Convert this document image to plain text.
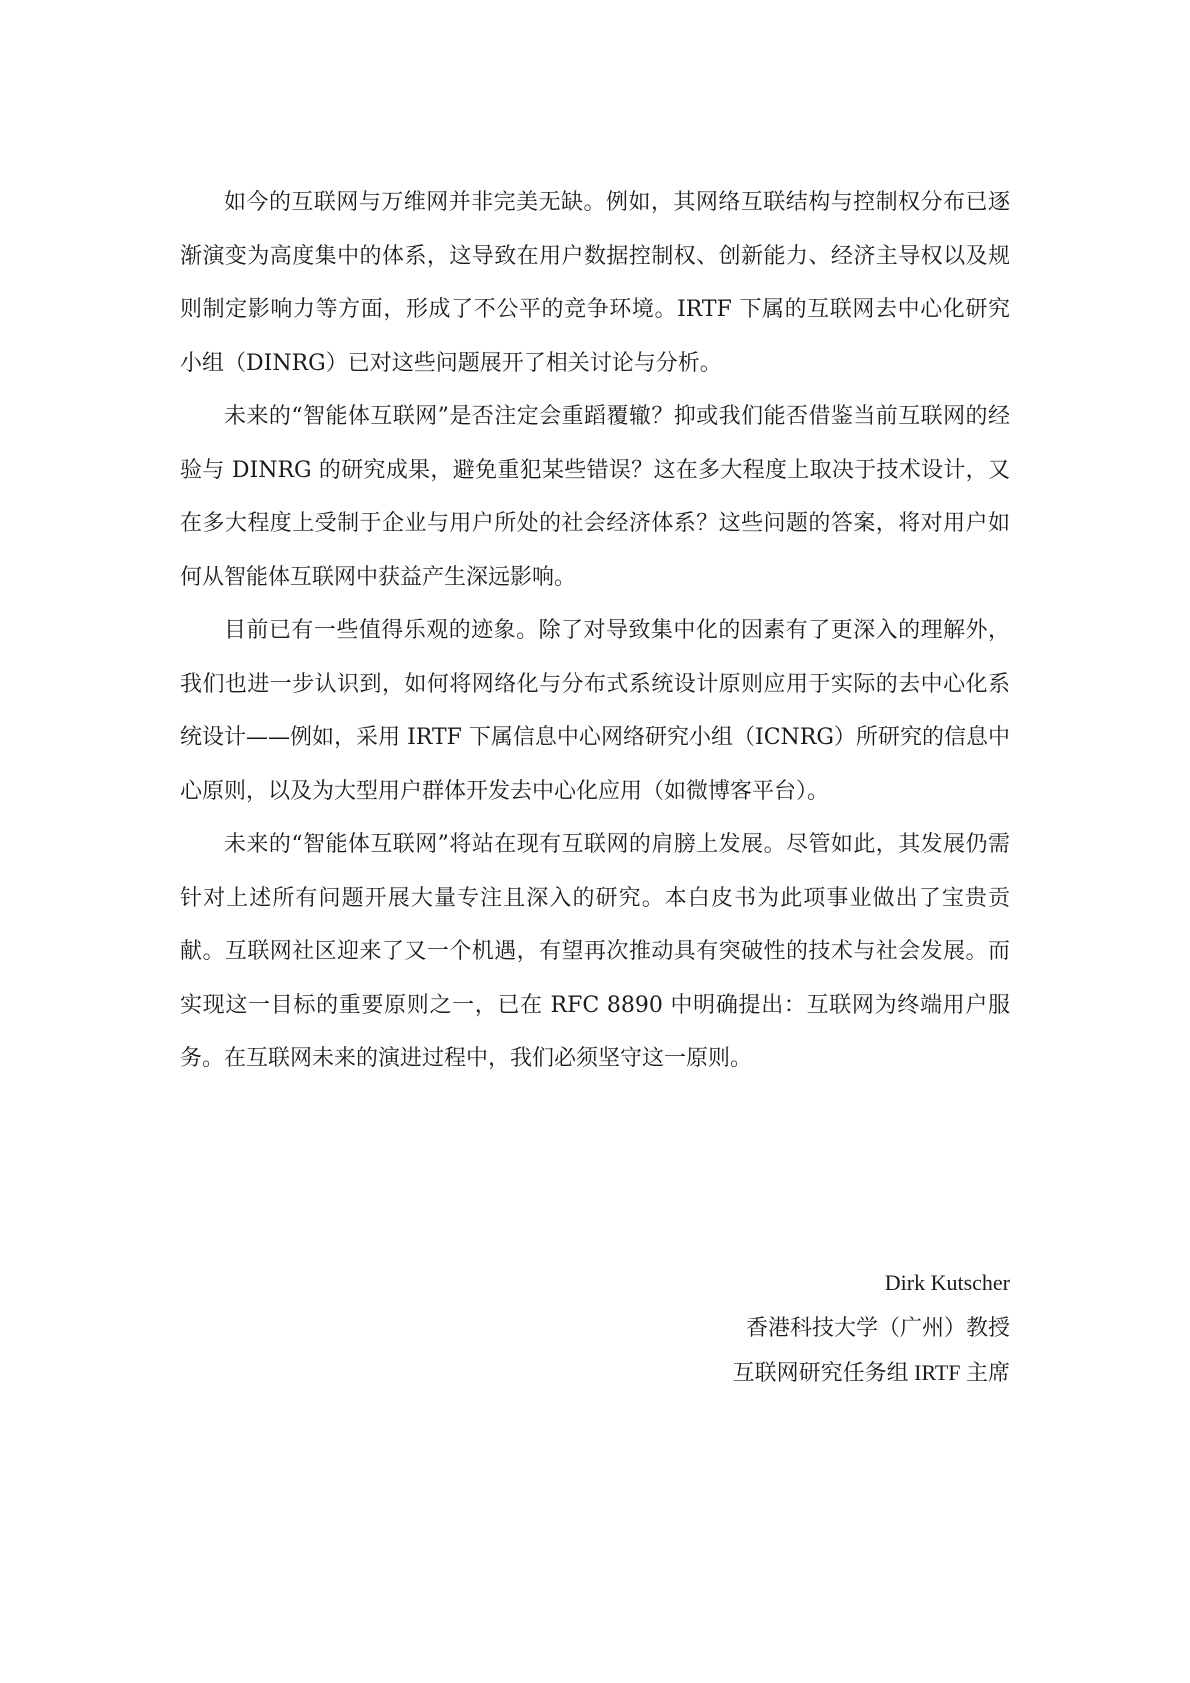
如今的互联网与万维网并非完美无缺。例如，其网络互联结构与控制权分布已逐渐演变为高度集中的体系，这导致在用户数据控制权、创新能力、经济主导权以及规则制定影响力等方面，形成了不公平的竞争环境。IRTF 下属的互联网去中心化研究小组（DINRG）已对这些问题展开了相关讨论与分析。

未来的“智能体互联网”是否注定会重蹈覆辙？抑或我们能否借鉴当前互联网的经验与 DINRG 的研究成果，避免重犯某些错误？这在多大程度上取决于技术设计，又在多大程度上受制于企业与用户所处的社会经济体系？这些问题的答案，将对用户如何从智能体互联网中获益产生深远影响。

目前已有一些值得乐观的迹象。除了对导致集中化的因素有了更深入的理解外，我们也进一步认识到，如何将网络化与分布式系统设计原则应用于实际的去中心化系统设计——例如，采用 IRTF 下属信息中心网络研究小组（ICNRG）所研究的信息中心原则，以及为大型用户群体开发去中心化应用（如微博客平台）。

未来的“智能体互联网”将站在现有互联网的肩膀上发展。尽管如此，其发展仍需针对上述所有问题开展大量专注且深入的研究。本白皮书为此项事业做出了宝贵贡献。互联网社区迎来了又一个机遇，有望再次推动具有突破性的技术与社会发展。而实现这一目标的重要原则之一，已在 RFC 8890 中明确提出：互联网为终端用户服务。在互联网未来的演进过程中，我们必须坚守这一原则。

Dirk Kutscher
香港科技大学（广州）教授
互联网研究任务组 IRTF 主席
